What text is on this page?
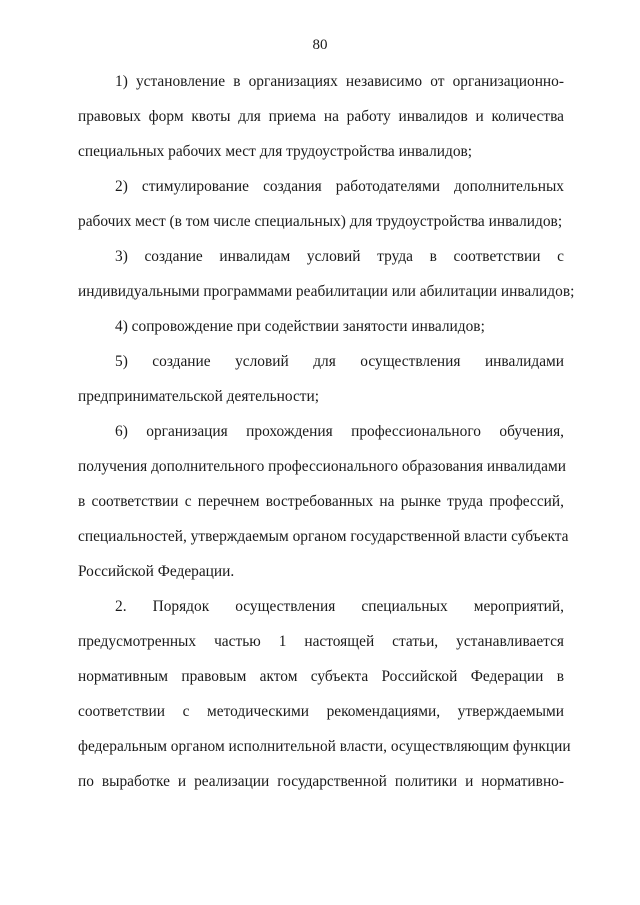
80
1) установление в организациях независимо от организационно-
правовых форм квоты для приема на работу инвалидов и количества
специальных рабочих мест для трудоустройства инвалидов;
2) стимулирование создания работодателями дополнительных
рабочих мест (в том числе специальных) для трудоустройства инвалидов;
3) создание инвалидам условий труда в соответствии с
индивидуальными программами реабилитации или абилитации инвалидов;
4) сопровождение при содействии занятости инвалидов;
5) создание условий для осуществления инвалидами
предпринимательской деятельности;
6) организация прохождения профессионального обучения,
получения дополнительного профессионального образования инвалидами
в соответствии с перечнем востребованных на рынке труда профессий,
специальностей, утверждаемым органом государственной власти субъекта
Российской Федерации.
2. Порядок осуществления специальных мероприятий,
предусмотренных частью 1 настоящей статьи, устанавливается
нормативным правовым актом субъекта Российской Федерации в
соответствии с методическими рекомендациями, утверждаемыми
федеральным органом исполнительной власти, осуществляющим функции
по выработке и реализации государственной политики и нормативно-
